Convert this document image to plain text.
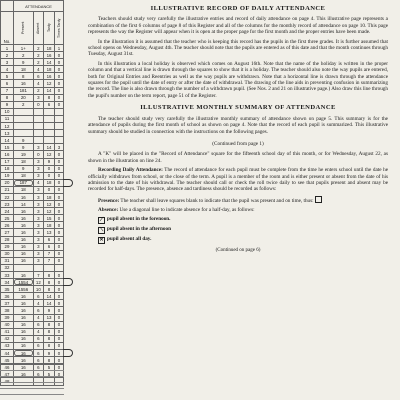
	ATTENDANCE			
No.	Present	Absent	Tardy	Times Tardy
1	1+	2	18	1
2	2	2	16	0
3	9	2	14	0
4	18	4	18	0
5	8	6	16	0
6	16	4	12	0
7	181	2	14	0
8	20	3	8	0
9	2	0	6	0
10				
11				
12				
13				
14	9			
15	9	3	14	3
16	19	0	12	0
17	18	3	9	0
18	9	3	0	0
19	18	3	0	0
20	187	4	18	0
21	18	3	0	0
22	16	3	18	0
23	14	3	12	0
24	16	3	12	0
25	16	3	15	0
26	16	3	18	0
27	16	3	13	0
28	16	3	6	0
29	16	3	6	0
30	16	3	7	0
31	16	3	7	0
32				
33	16	7	8	0
34	1554	12	8	0
35	1556	10	8	0
36	16	6	14	0
37	16	4	14	0
38	16	6	9	0
39	16	4	13	0
40	16	6	8	0
41	16	4	8	0
42	16	6	8	0
43	16	6	8	0
44	16	6	9	0
45	16	6	8	0
46	16	6	5	0
47	16	6	5	0
48				
ILLUSTRATIVE RECORD OF DAILY ATTENDANCE

Teachers should study very carefully the illustrative entries and record of daily attendance on page 4. This illustrative page represents a combination of the first 6 columns of page 8 of this Register and all of the columns for the monthly record of attendance on page 10. This page represents the way the Register will appear when it is open at the proper page for the first month and the proper entries have been made.

In the illustration it is assumed that the teacher who is keeping this record has the pupils in the first three grades. It is further assumed that school opens on Wednesday, August 4th. The teacher should note that the pupils are entered as of this date and that the month continues through Tuesday, August 31st.

In this illustration a local holiday is observed which comes on August 16th. Note that the name of the holiday is written in the proper column and that a vertical line is drawn through the squares to show that it is a holiday. The teacher should also note the way pupils are entered, both for Original Entries and Reentries as well as the way pupils are withdrawn. Note that a horizontal line is drawn through the attendance squares for the pupil until the date of entry or after the date of withdrawal. The drawing of the line aids in preventing confusion in summarizing the record. The line is also drawn through the number of a withdrawn pupil. (See Nos. 2 and 21 on illustrative page.) Also draw this line through the pupil's number on the term report, page 51 of the Register.

ILLUSTRATIVE MONTHLY SUMMARY OF ATTENDANCE

The teacher should study very carefully the illustrative monthly summary of attendance shown on page 5. This summary is for the attendance of pupils during the first month of school as shown on page 4. Note that the record of each pupil is summarized. This illustrative summary should be studied in connection with the instructions on the following pages.

(Continued from page 1)

A "K" will be placed in the "Record of Attendance" square for the fifteenth school day of this month, or for Wednesday, August 22, as shown in the illustration on line 24.

Recording Daily Attendance: The record of attendance for each pupil must be complete from the time he enters school until the date he officially withdraws from school, or the close of the term. A pupil is a member of the room and is either present or absent from the date of his admission to the date of his withdrawal. The teacher should call or check the roll twice daily to see that pupils present and absent may be recorded for half-days. The presence, absence and tardiness should be recorded as follows:

Presence: The teacher shall leave squares blank to indicate that the pupil was present and on time, thus:

Absence: Use a diagonal line to indicate absence for a half-day, as follows:

⟋ pupil absent in the forenoon.
⟍ pupil absent in the afternoon
✕ pupil absent all day.
(Continued on page 6)
